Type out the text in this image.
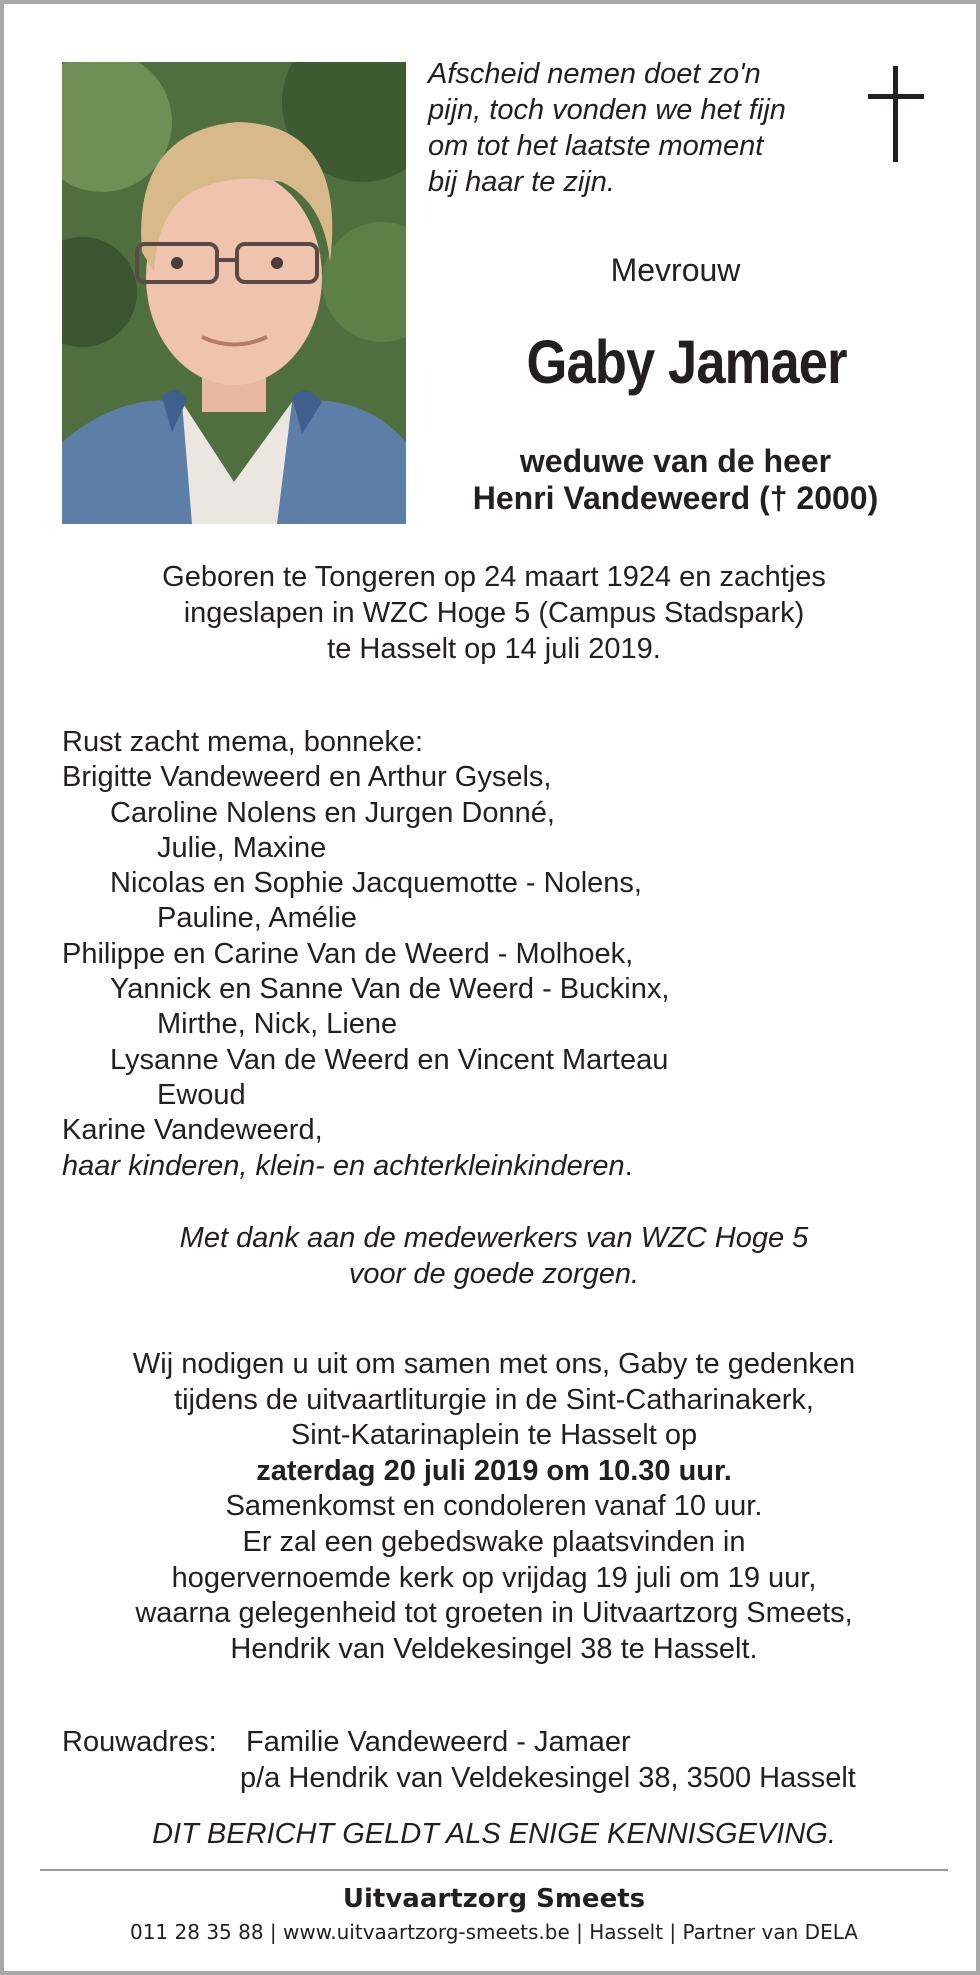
Afscheid nemen doet zo'n
pijn, toch vonden we het fijn
om tot het laatste moment
bij haar te zijn.
Mevrouw
Gaby Jamaer
weduwe van de heer
Henri Vandeweerd († 2000)
Geboren te Tongeren op 24 maart 1924 en zachtjes
ingeslapen in WZC Hoge 5 (Campus Stadspark)
te Hasselt op 14 juli 2019.
Rust zacht mema, bonneke:
Brigitte Vandeweerd en Arthur Gysels,
Caroline Nolens en Jurgen Donné,
Julie, Maxine
Nicolas en Sophie Jacquemotte - Nolens,
Pauline, Amélie
Philippe en Carine Van de Weerd - Molhoek,
Yannick en Sanne Van de Weerd - Buckinx,
Mirthe, Nick, Liene
Lysanne Van de Weerd en Vincent Marteau
Ewoud
Karine Vandeweerd,
haar kinderen, klein- en achterkleinkinderen.
Met dank aan de medewerkers van WZC Hoge 5
voor de goede zorgen.
Wij nodigen u uit om samen met ons, Gaby te gedenken
tijdens de uitvaartliturgie in de Sint-Catharinakerk,
Sint-Katarinaplein te Hasselt op
zaterdag 20 juli 2019 om 10.30 uur.
Samenkomst en condoleren vanaf 10 uur.
Er zal een gebedswake plaatsvinden in
hogervernoemde kerk op vrijdag 19 juli om 19 uur,
waarna gelegenheid tot groeten in Uitvaartzorg Smeets,
Hendrik van Veldekesingel 38 te Hasselt.
Rouwadres: Familie Vandeweerd - Jamaer
p/a Hendrik van Veldekesingel 38, 3500 Hasselt
DIT BERICHT GELDT ALS ENIGE KENNISGEVING.
Uitvaartzorg Smeets
011 28 35 88 | www.uitvaartzorg-smeets.be | Hasselt | Partner van DELA
